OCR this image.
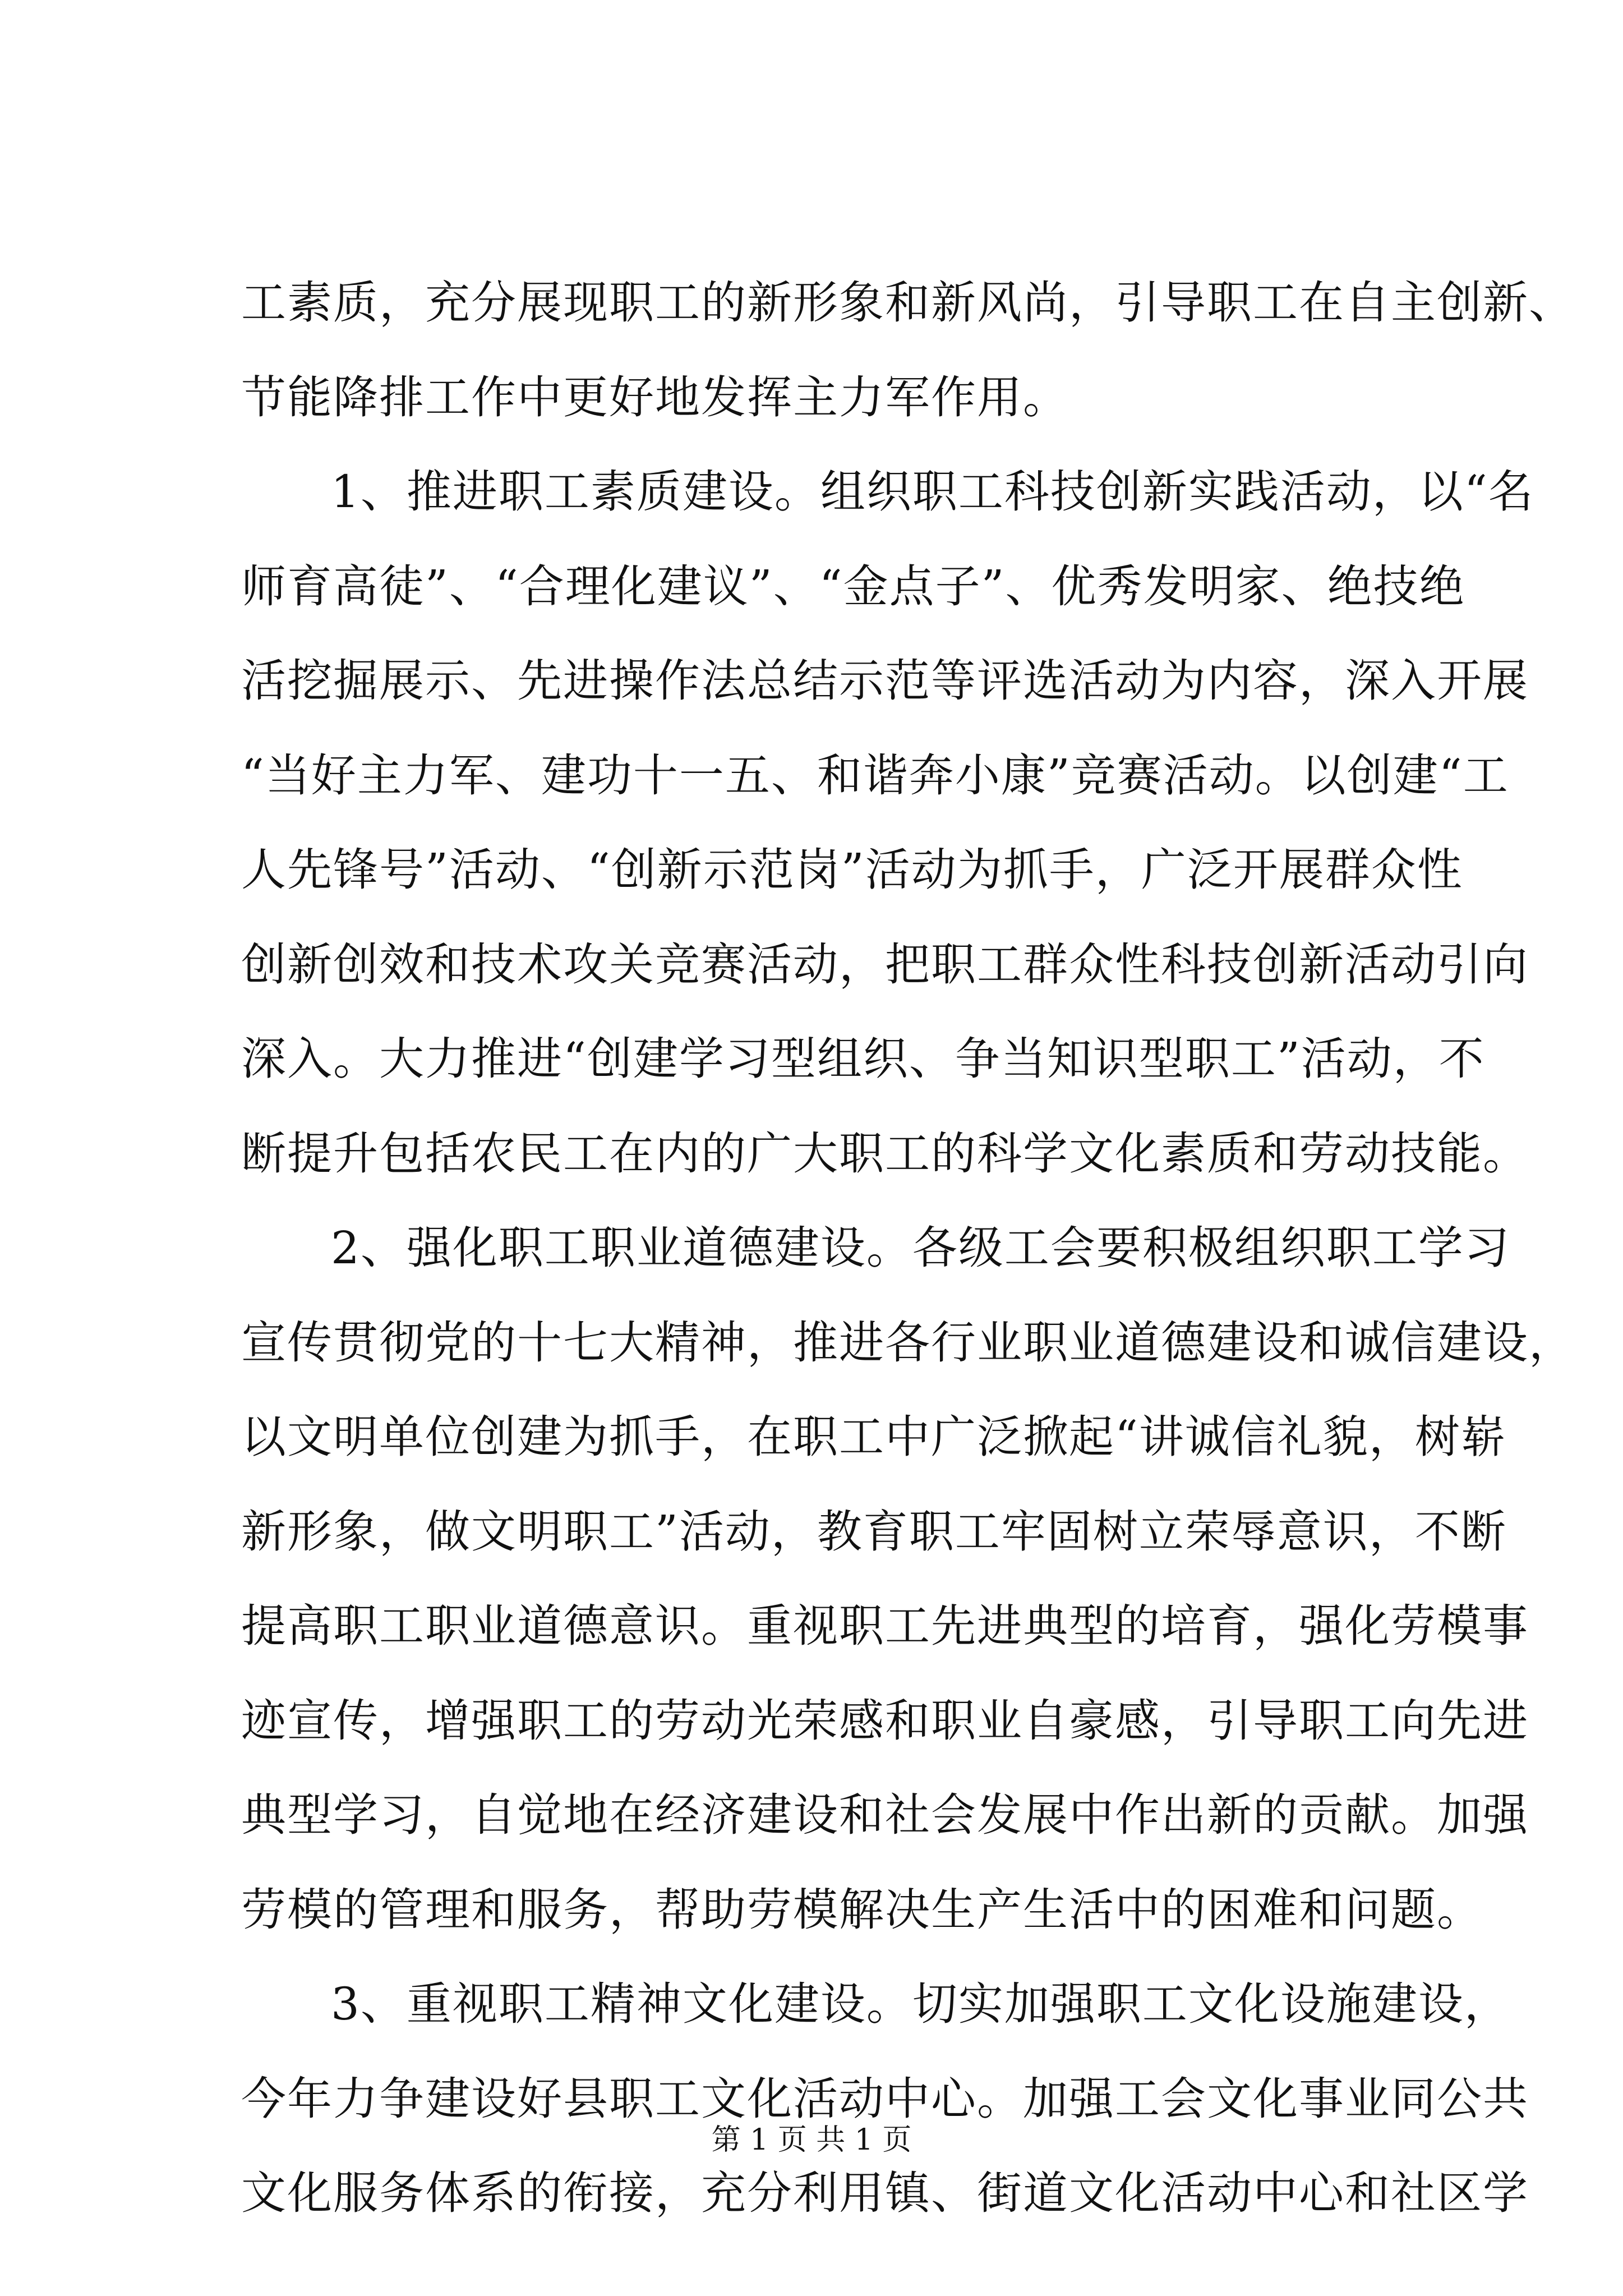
工素质，充分展现职工的新形象和新风尚，引导职工在自主创新、
节能降排工作中更好地发挥主力军作用。
1、推进职工素质建设。组织职工科技创新实践活动，以“名
师育高徒”、“合理化建议”、“金点子”、优秀发明家、绝技绝
活挖掘展示、先进操作法总结示范等评选活动为内容，深入开展
“当好主力军、建功十一五、和谐奔小康”竞赛活动。以创建“工
人先锋号”活动、“创新示范岗”活动为抓手，广泛开展群众性
创新创效和技术攻关竞赛活动，把职工群众性科技创新活动引向
深入。大力推进“创建学习型组织、争当知识型职工”活动，不
断提升包括农民工在内的广大职工的科学文化素质和劳动技能。
2、强化职工职业道德建设。各级工会要积极组织职工学习
宣传贯彻党的十七大精神，推进各行业职业道德建设和诚信建设，
以文明单位创建为抓手，在职工中广泛掀起“讲诚信礼貌，树崭
新形象，做文明职工”活动，教育职工牢固树立荣辱意识，不断
提高职工职业道德意识。重视职工先进典型的培育，强化劳模事
迹宣传，增强职工的劳动光荣感和职业自豪感，引导职工向先进
典型学习，自觉地在经济建设和社会发展中作出新的贡献。加强
劳模的管理和服务，帮助劳模解决生产生活中的困难和问题。
3、重视职工精神文化建设。切实加强职工文化设施建设，
今年力争建设好县职工文化活动中心。加强工会文化事业同公共
文化服务体系的衔接，充分利用镇、街道文化活动中心和社区学
第 1 页 共 1 页
